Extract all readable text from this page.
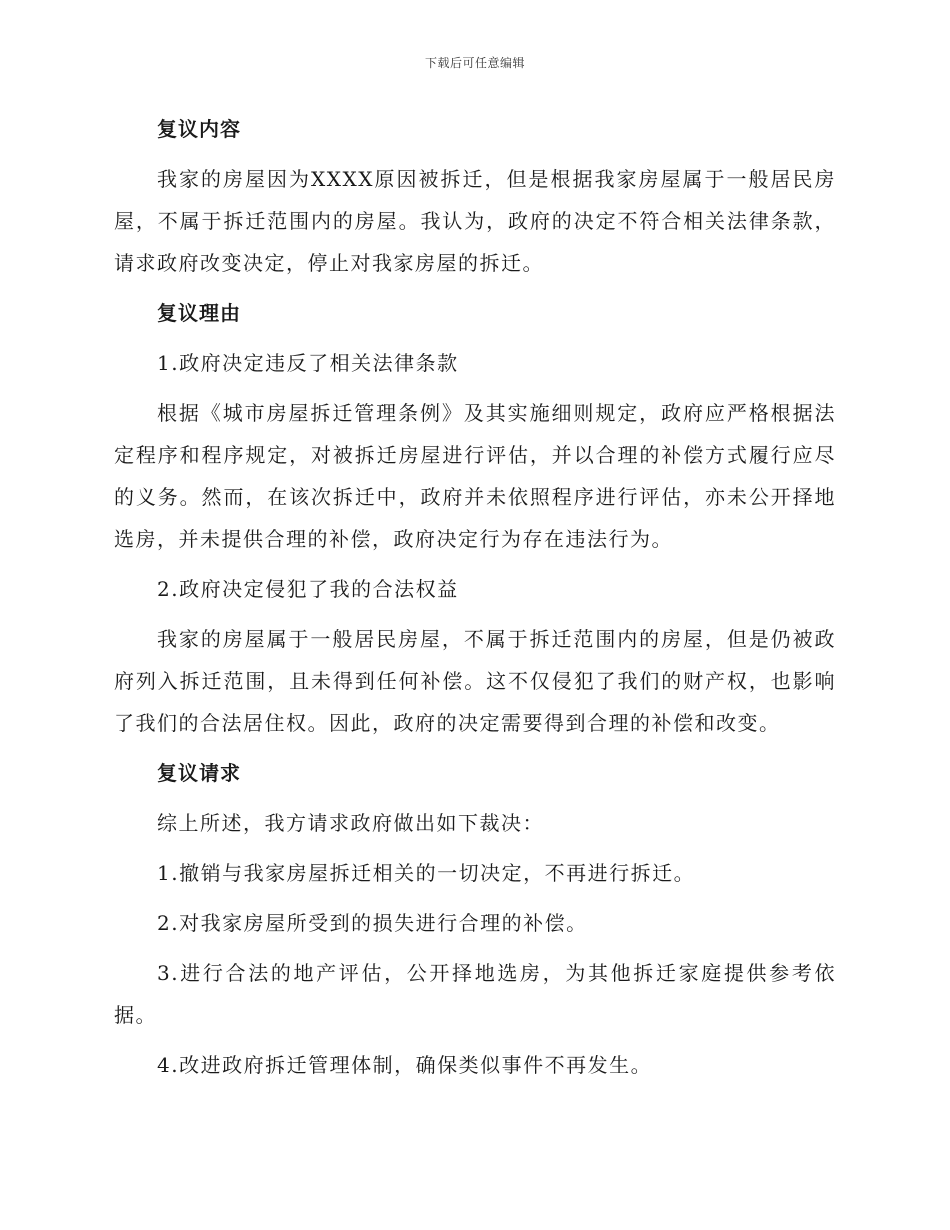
下载后可任意编辑
复议内容
我家的房屋因为XXXX原因被拆迁，但是根据我家房屋属于一般居民房屋，不属于拆迁范围内的房屋。我认为，政府的决定不符合相关法律条款，请求政府改变决定，停止对我家房屋的拆迁。
复议理由
1.政府决定违反了相关法律条款
根据《城市房屋拆迁管理条例》及其实施细则规定，政府应严格根据法定程序和程序规定，对被拆迁房屋进行评估，并以合理的补偿方式履行应尽的义务。然而，在该次拆迁中，政府并未依照程序进行评估，亦未公开择地选房，并未提供合理的补偿，政府决定行为存在违法行为。
2.政府决定侵犯了我的合法权益
我家的房屋属于一般居民房屋，不属于拆迁范围内的房屋，但是仍被政府列入拆迁范围，且未得到任何补偿。这不仅侵犯了我们的财产权，也影响了我们的合法居住权。因此，政府的决定需要得到合理的补偿和改变。
复议请求
综上所述，我方请求政府做出如下裁决：
1.撤销与我家房屋拆迁相关的一切决定，不再进行拆迁。
2.对我家房屋所受到的损失进行合理的补偿。
3.进行合法的地产评估，公开择地选房，为其他拆迁家庭提供参考依据。
4.改进政府拆迁管理体制，确保类似事件不再发生。
